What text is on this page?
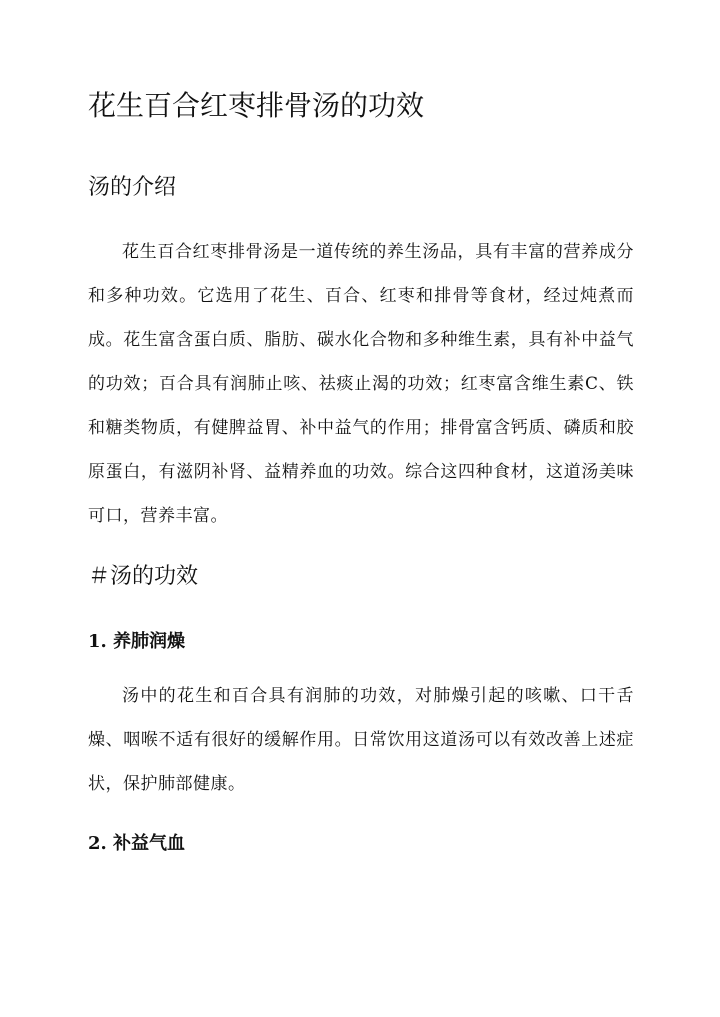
花生百合红枣排骨汤的功效
汤的介绍

花生百合红枣排骨汤是一道传统的养生汤品，具有丰富的营养成分和多种功效。它选用了花生、百合、红枣和排骨等食材，经过炖煮而成。花生富含蛋白质、脂肪、碳水化合物和多种维生素，具有补中益气的功效；百合具有润肺止咳、祛痰止渴的功效；红枣富含维生素C、铁和糖类物质，有健脾益胃、补中益气的作用；排骨富含钙质、磷质和胶原蛋白，有滋阴补肾、益精养血的功效。综合这四种食材，这道汤美味可口，营养丰富。

＃汤的功效
1. 养肺润燥

汤中的花生和百合具有润肺的功效，对肺燥引起的咳嗽、口干舌燥、咽喉不适有很好的缓解作用。日常饮用这道汤可以有效改善上述症状，保护肺部健康。

2. 补益气血
